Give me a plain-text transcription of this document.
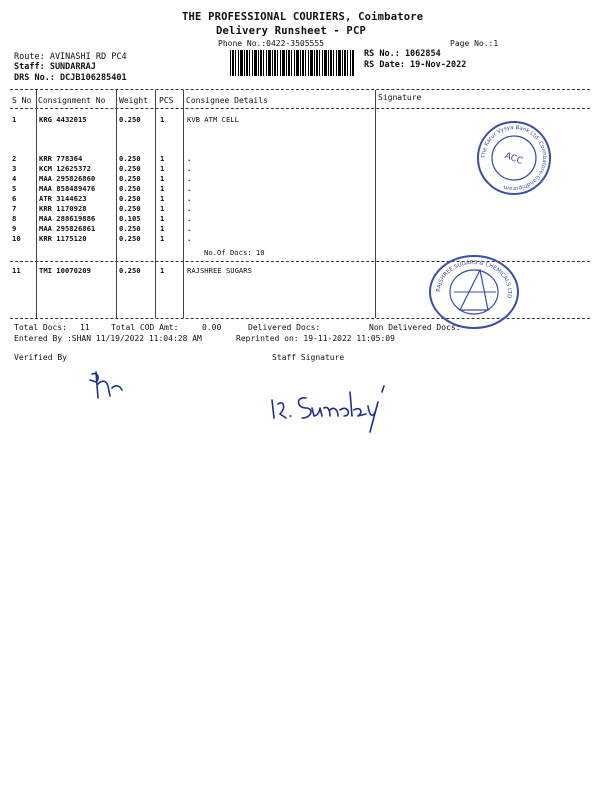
THE PROFESSIONAL COURIERS, Coimbatore
Delivery Runsheet - PCP
Phone No.:0422-3505555	Page No.:1
Route: AVINASHI RD PC4
Staff: SUNDARRAJ
DRS No.: DCJB106285401
RS No.: 1062854
RS Date: 19-Nov-2022
S No Consignment No Weight PCS Consignee Details	Signature
1	KRG 4432015	0.250	1	KVB ATM CELL
2	KRR 778364	0.250	1	.
3	KCM 12625372	0.250	1	.
4	MAA 295826860	0.250	1	.
5	MAA 858489476	0.250	1	.
6	ATR 3144623	0.250	1	.
7	KRR 1170928	0.250	1	.
8	MAA 288619886	0.105	1	.
9	MAA 295826861	0.250	1	.
10	KRR 1175120	0.250	1	.
No.Of Docs: 10
11	TMI 10070209	0.250	1	RAJSHREE SUGARS
The Karur Vysya Bank Ltd. Coimbatore-Gandhipuram
ACC
RAJSHREE SUGARS & CHEMICALS LTD
Total Docs: 11	Total COD Amt:	0.00	Delivered Docs:	Non Delivered Docs:
Entered By :SHAN 11/19/2022 11:04:28 AM	Reprinted on: 19-11-2022 11:05:09
Verified By	Staff Signature
